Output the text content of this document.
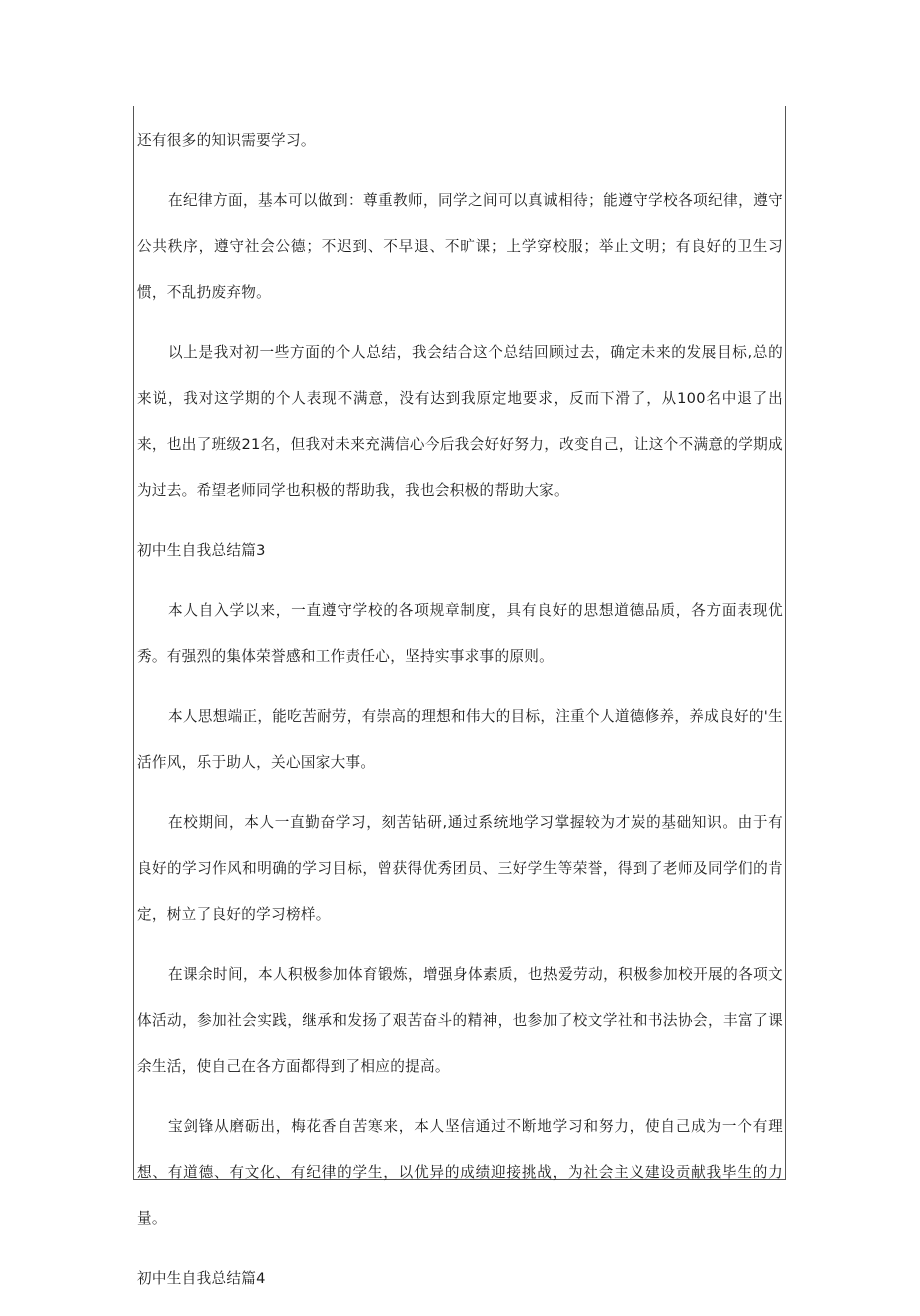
还有很多的知识需要学习。

在纪律方面，基本可以做到：尊重教师，同学之间可以真诚相待；能遵守学校各项纪律，遵守公共秩序，遵守社会公德；不迟到、不早退、不旷课；上学穿校服；举止文明；有良好的卫生习惯，不乱扔废弃物。

以上是我对初一些方面的个人总结，我会结合这个总结回顾过去，确定未来的发展目标,总的来说，我对这学期的个人表现不满意，没有达到我原定地要求，反而下滑了，从100名中退了出来，也出了班级21名，但我对未来充满信心今后我会好好努力，改变自己，让这个不满意的学期成为过去。希望老师同学也积极的帮助我，我也会积极的帮助大家。

初中生自我总结篇3

本人自入学以来，一直遵守学校的各项规章制度，具有良好的思想道德品质，各方面表现优秀。有强烈的集体荣誉感和工作责任心，坚持实事求事的原则。

本人思想端正，能吃苦耐劳，有崇高的理想和伟大的目标，注重个人道德修养，养成良好的'生活作风，乐于助人，关心国家大事。

在校期间，本人一直勤奋学习，刻苦钻研,通过系统地学习掌握较为才炭的基础知识。由于有良好的学习作风和明确的学习目标，曾获得优秀团员、三好学生等荣誉，得到了老师及同学们的肯定，树立了良好的学习榜样。

在课余时间，本人积极参加体育锻炼，增强身体素质，也热爱劳动，积极参加校开展的各项文体活动，参加社会实践，继承和发扬了艰苦奋斗的精神，也参加了校文学社和书法协会，丰富了课余生活，使自己在各方面都得到了相应的提高。

宝剑锋从磨砺出，梅花香自苦寒来，本人坚信通过不断地学习和努力，使自己成为一个有理想、有道德、有文化、有纪律的学生，以优异的成绩迎接挑战，为社会主义建设贡献我毕生的力量。

初中生自我总结篇4
